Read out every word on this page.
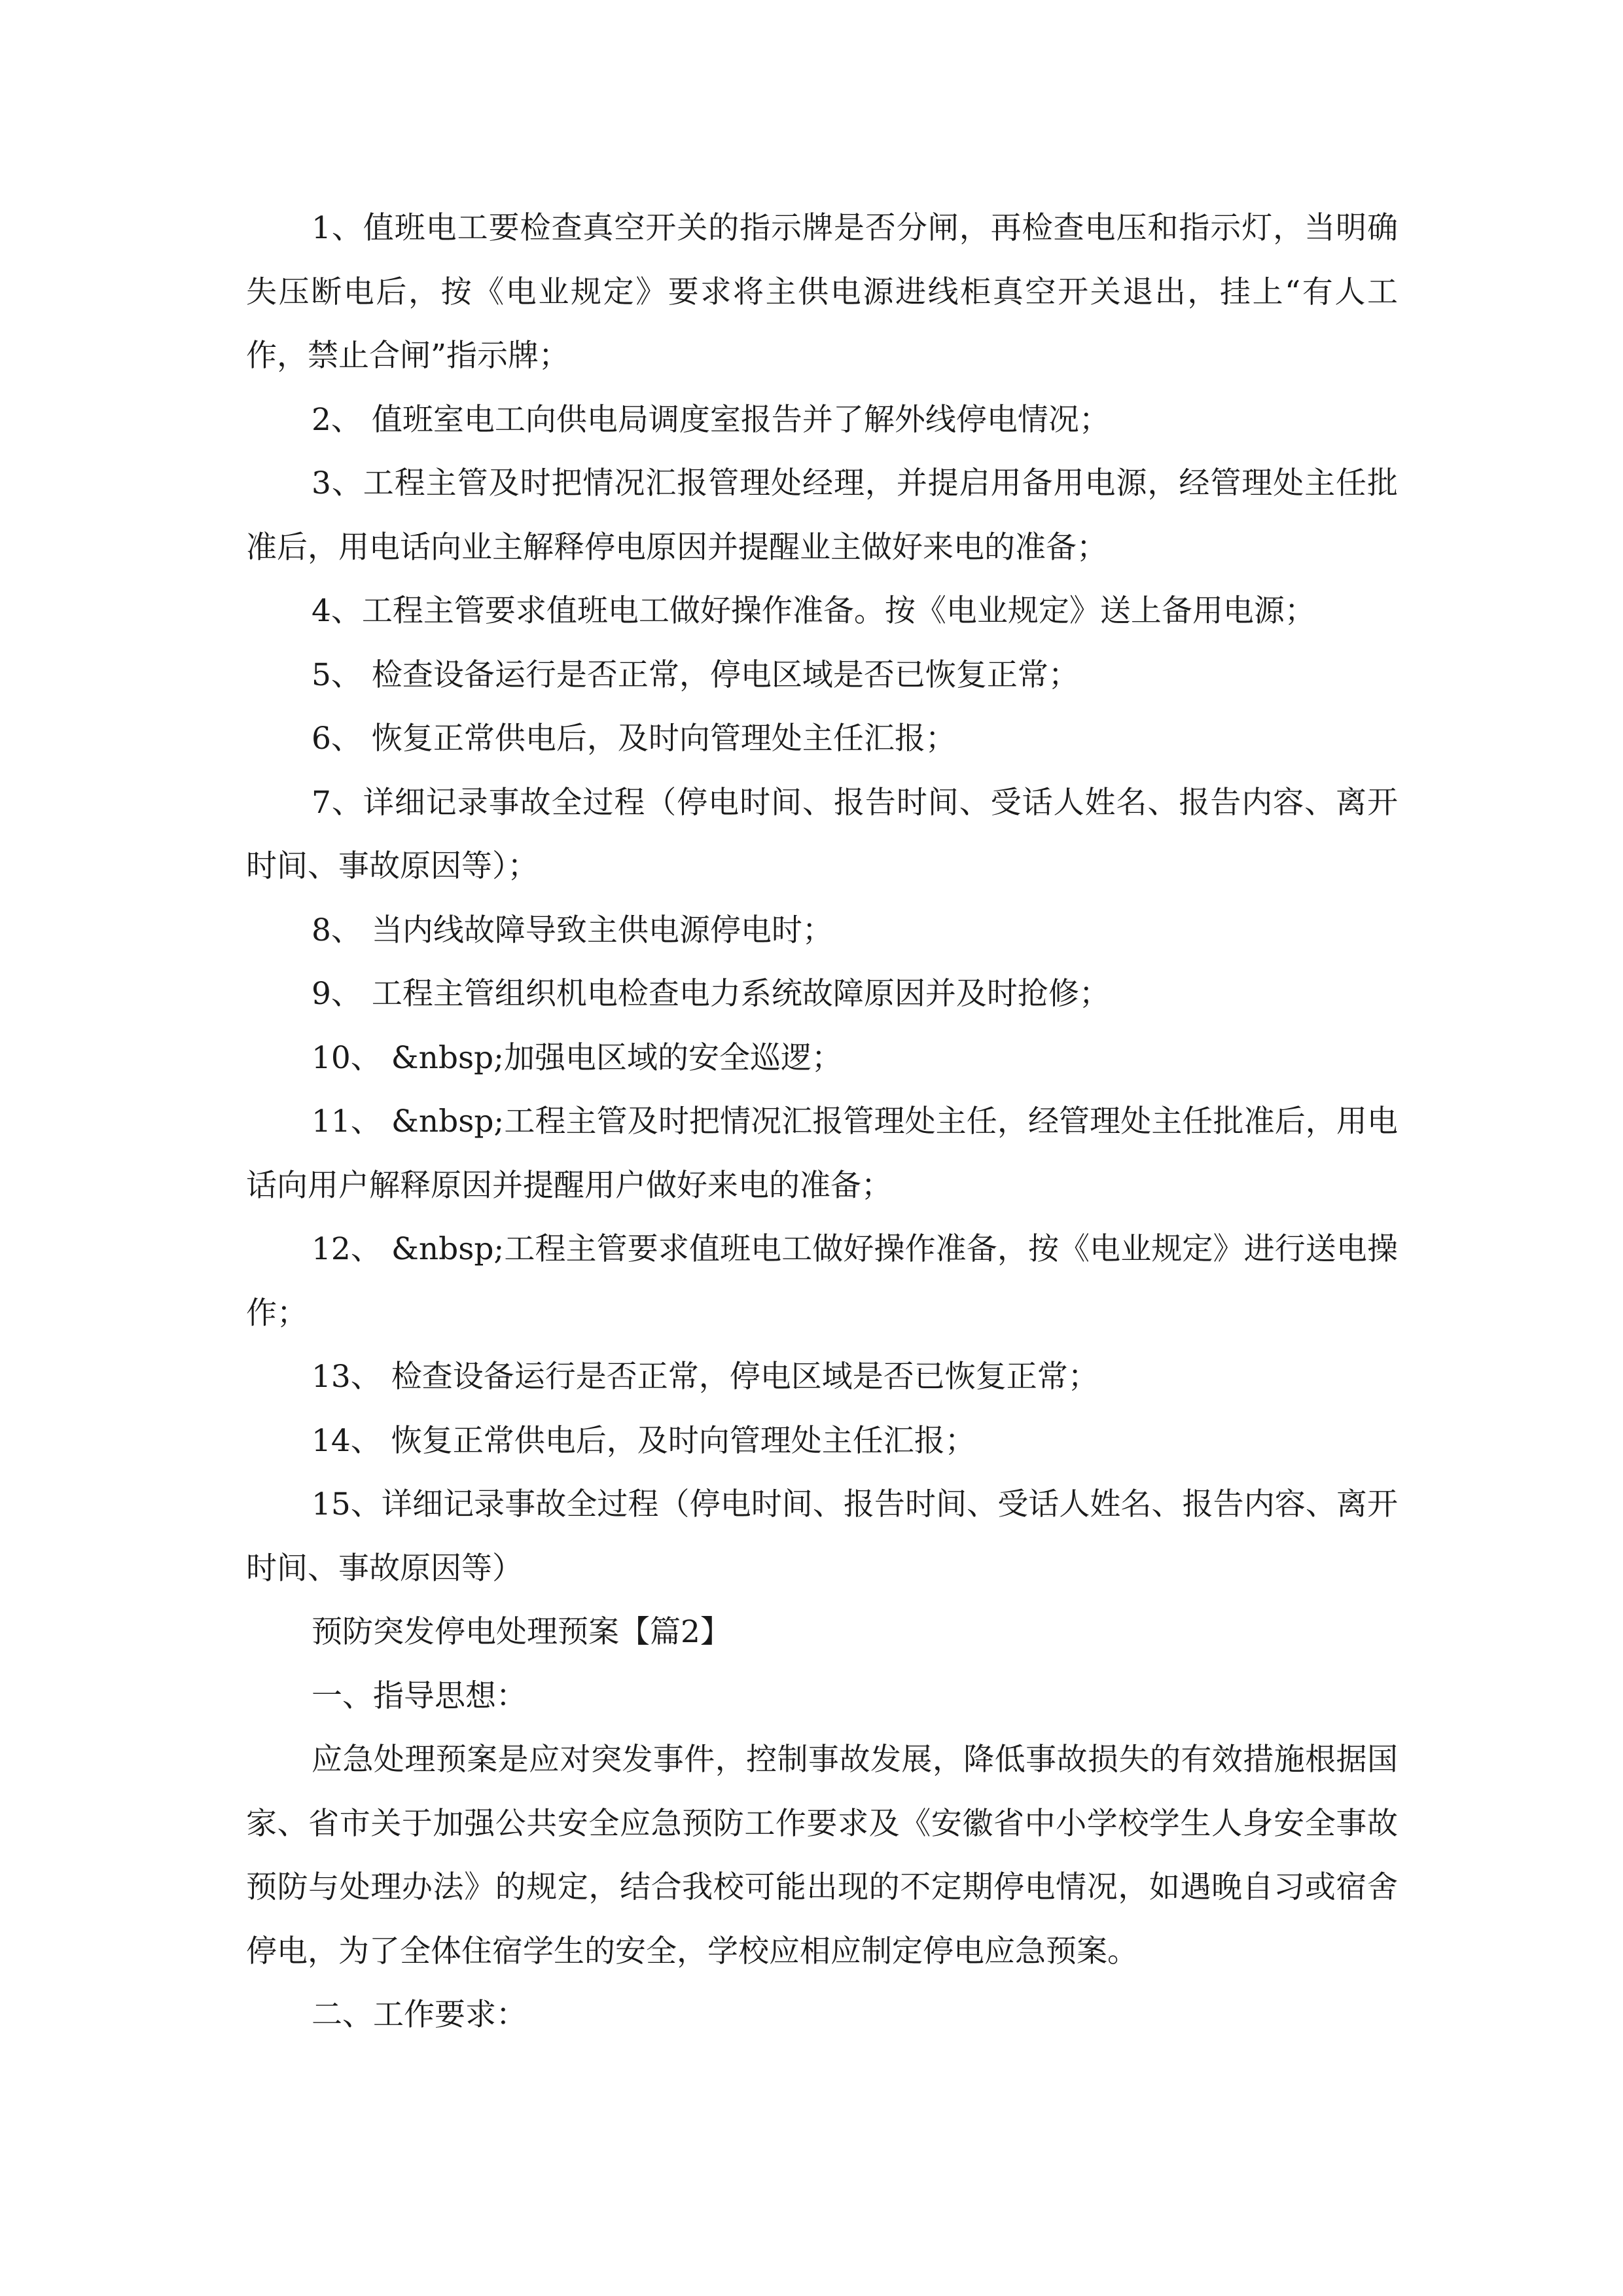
1、值班电工要检查真空开关的指示牌是否分闸，再检查电压和指示灯，当明确失压断电后，按《电业规定》要求将主供电源进线柜真空开关退出，挂上“有人工作，禁止合闸”指示牌；

2、 值班室电工向供电局调度室报告并了解外线停电情况；

3、工程主管及时把情况汇报管理处经理，并提启用备用电源，经管理处主任批准后，用电话向业主解释停电原因并提醒业主做好来电的准备；

4、工程主管要求值班电工做好操作准备。按《电业规定》送上备用电源；

5、 检查设备运行是否正常，停电区域是否已恢复正常；

6、 恢复正常供电后，及时向管理处主任汇报；

7、详细记录事故全过程（停电时间、报告时间、受话人姓名、报告内容、离开时间、事故原因等）；

8、 当内线故障导致主供电源停电时；

9、 工程主管组织机电检查电力系统故障原因并及时抢修；

10、 &nbsp;加强电区域的安全巡逻；

11、 &nbsp;工程主管及时把情况汇报管理处主任，经管理处主任批准后，用电话向用户解释原因并提醒用户做好来电的准备；

12、 &nbsp;工程主管要求值班电工做好操作准备，按《电业规定》进行送电操作；

13、 检查设备运行是否正常，停电区域是否已恢复正常；

14、 恢复正常供电后，及时向管理处主任汇报；

15、详细记录事故全过程（停电时间、报告时间、受话人姓名、报告内容、离开时间、事故原因等）

预防突发停电处理预案【篇2】

一、指导思想：

应急处理预案是应对突发事件，控制事故发展，降低事故损失的有效措施根据国家、省市关于加强公共安全应急预防工作要求及《安徽省中小学校学生人身安全事故预防与处理办法》的规定，结合我校可能出现的不定期停电情况，如遇晚自习或宿舍停电，为了全体住宿学生的安全，学校应相应制定停电应急预案。

二、工作要求：
